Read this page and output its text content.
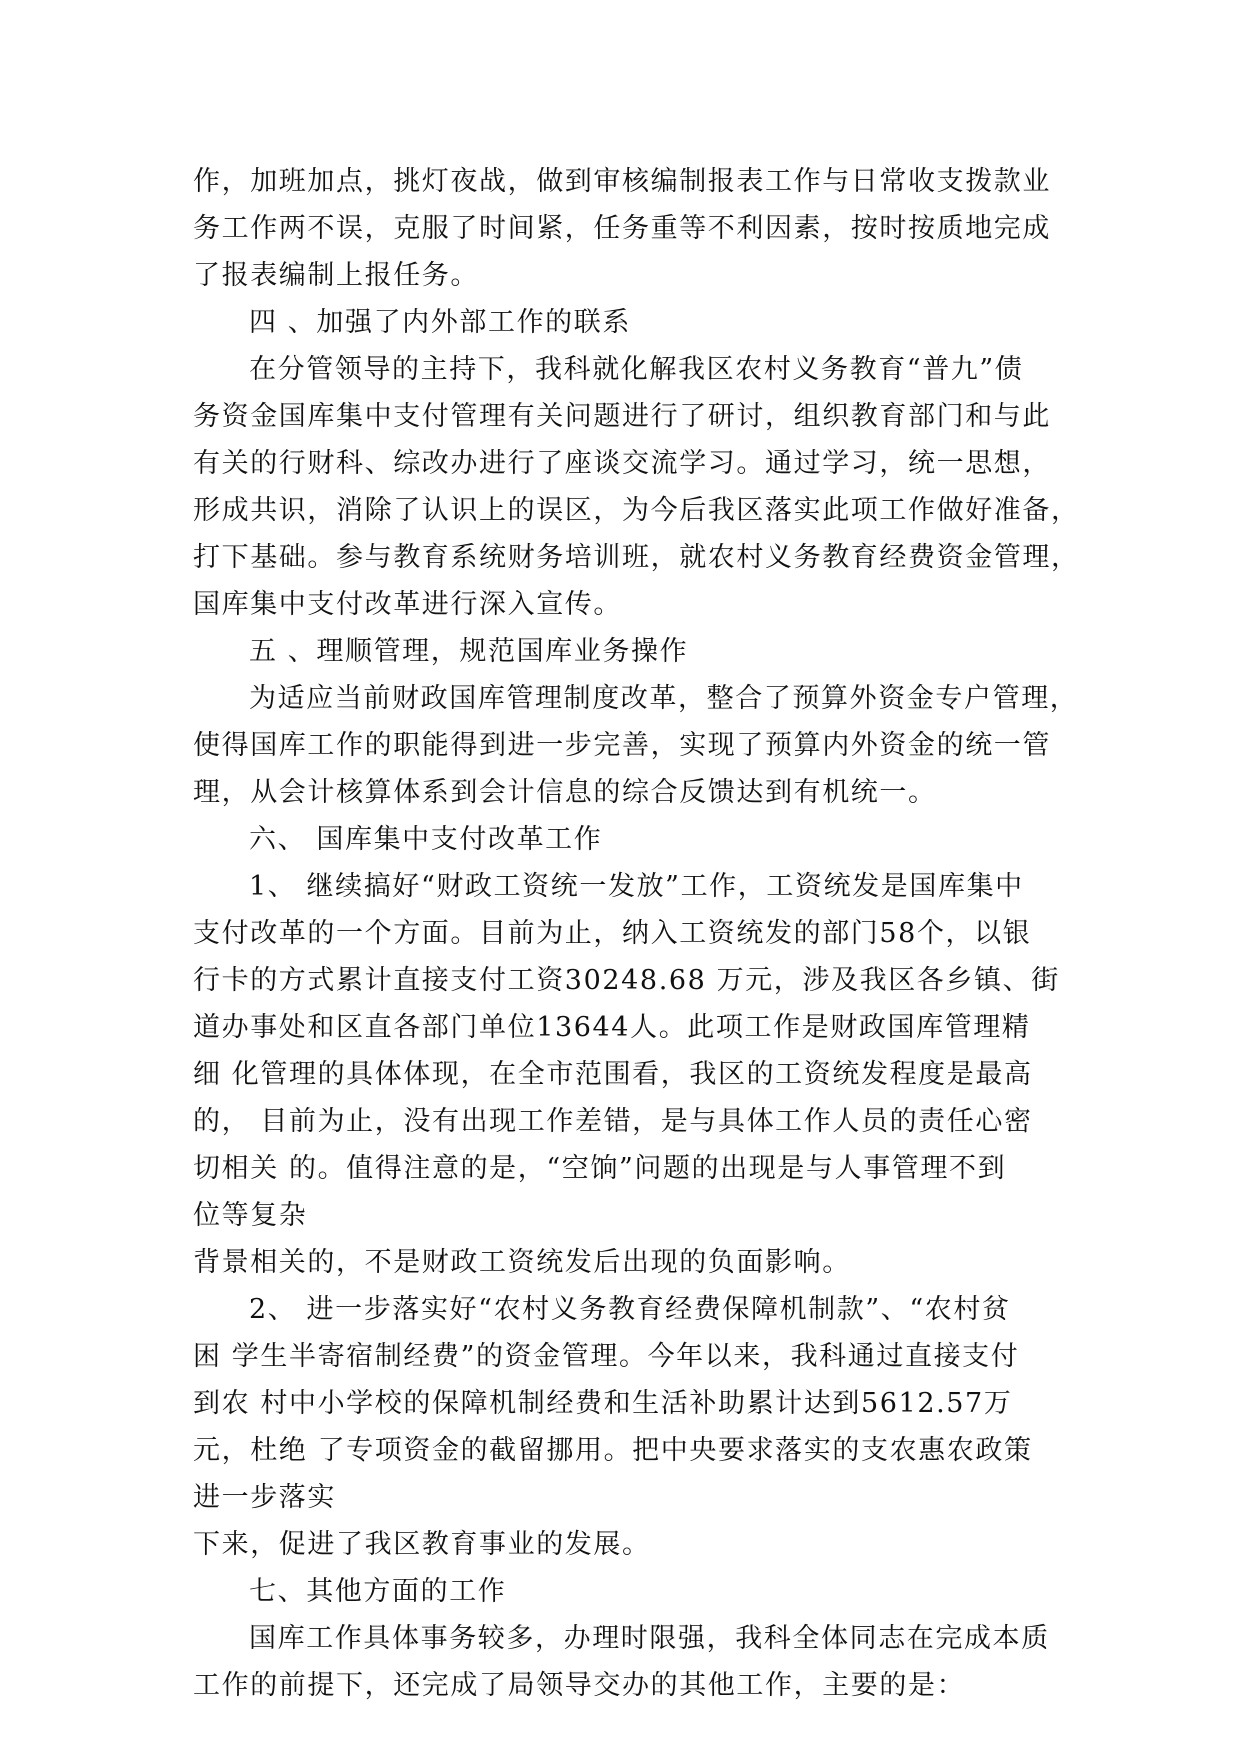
作，加班加点，挑灯夜战，做到审核编制报表工作与日常收支拨款业
务工作两不误，克服了时间紧，任务重等不利因素，按时按质地完成
了报表编制上报任务。
四 、加强了内外部工作的联系
在分管领导的主持下，我科就化解我区农村义务教育“普九”债
务资金国库集中支付管理有关问题进行了研讨，组织教育部门和与此
有关的行财科、综改办进行了座谈交流学习。通过学习，统一思想，
形成共识，消除了认识上的误区，为今后我区落实此项工作做好准备，
打下基础。参与教育系统财务培训班，就农村义务教育经费资金管理，
国库集中支付改革进行深入宣传。
五 、理顺管理，规范国库业务操作
为适应当前财政国库管理制度改革，整合了预算外资金专户管理，
使得国库工作的职能得到进一步完善，实现了预算内外资金的统一管
理，从会计核算体系到会计信息的综合反馈达到有机统一。
六、 国库集中支付改革工作
1、 继续搞好“财政工资统一发放”工作，工资统发是国库集中
支付改革的一个方面。目前为止，纳入工资统发的部门58个，以银
行卡的方式累计直接支付工资30248.68 万元，涉及我区各乡镇、街
道办事处和区直各部门单位13644人。此项工作是财政国库管理精
细 化管理的具体体现，在全市范围看，我区的工资统发程度是最高
的， 目前为止，没有出现工作差错，是与具体工作人员的责任心密
切相关 的。值得注意的是，“空饷”问题的出现是与人事管理不到
位等复杂
背景相关的，不是财政工资统发后出现的负面影响。
2、 进一步落实好“农村义务教育经费保障机制款”、“农村贫
困 学生半寄宿制经费”的资金管理。今年以来，我科通过直接支付
到农 村中小学校的保障机制经费和生活补助累计达到5612.57万
元，杜绝 了专项资金的截留挪用。把中央要求落实的支农惠农政策
进一步落实
下来，促进了我区教育事业的发展。
七、其他方面的工作
国库工作具体事务较多，办理时限强，我科全体同志在完成本质
工作的前提下，还完成了局领导交办的其他工作，主要的是：
